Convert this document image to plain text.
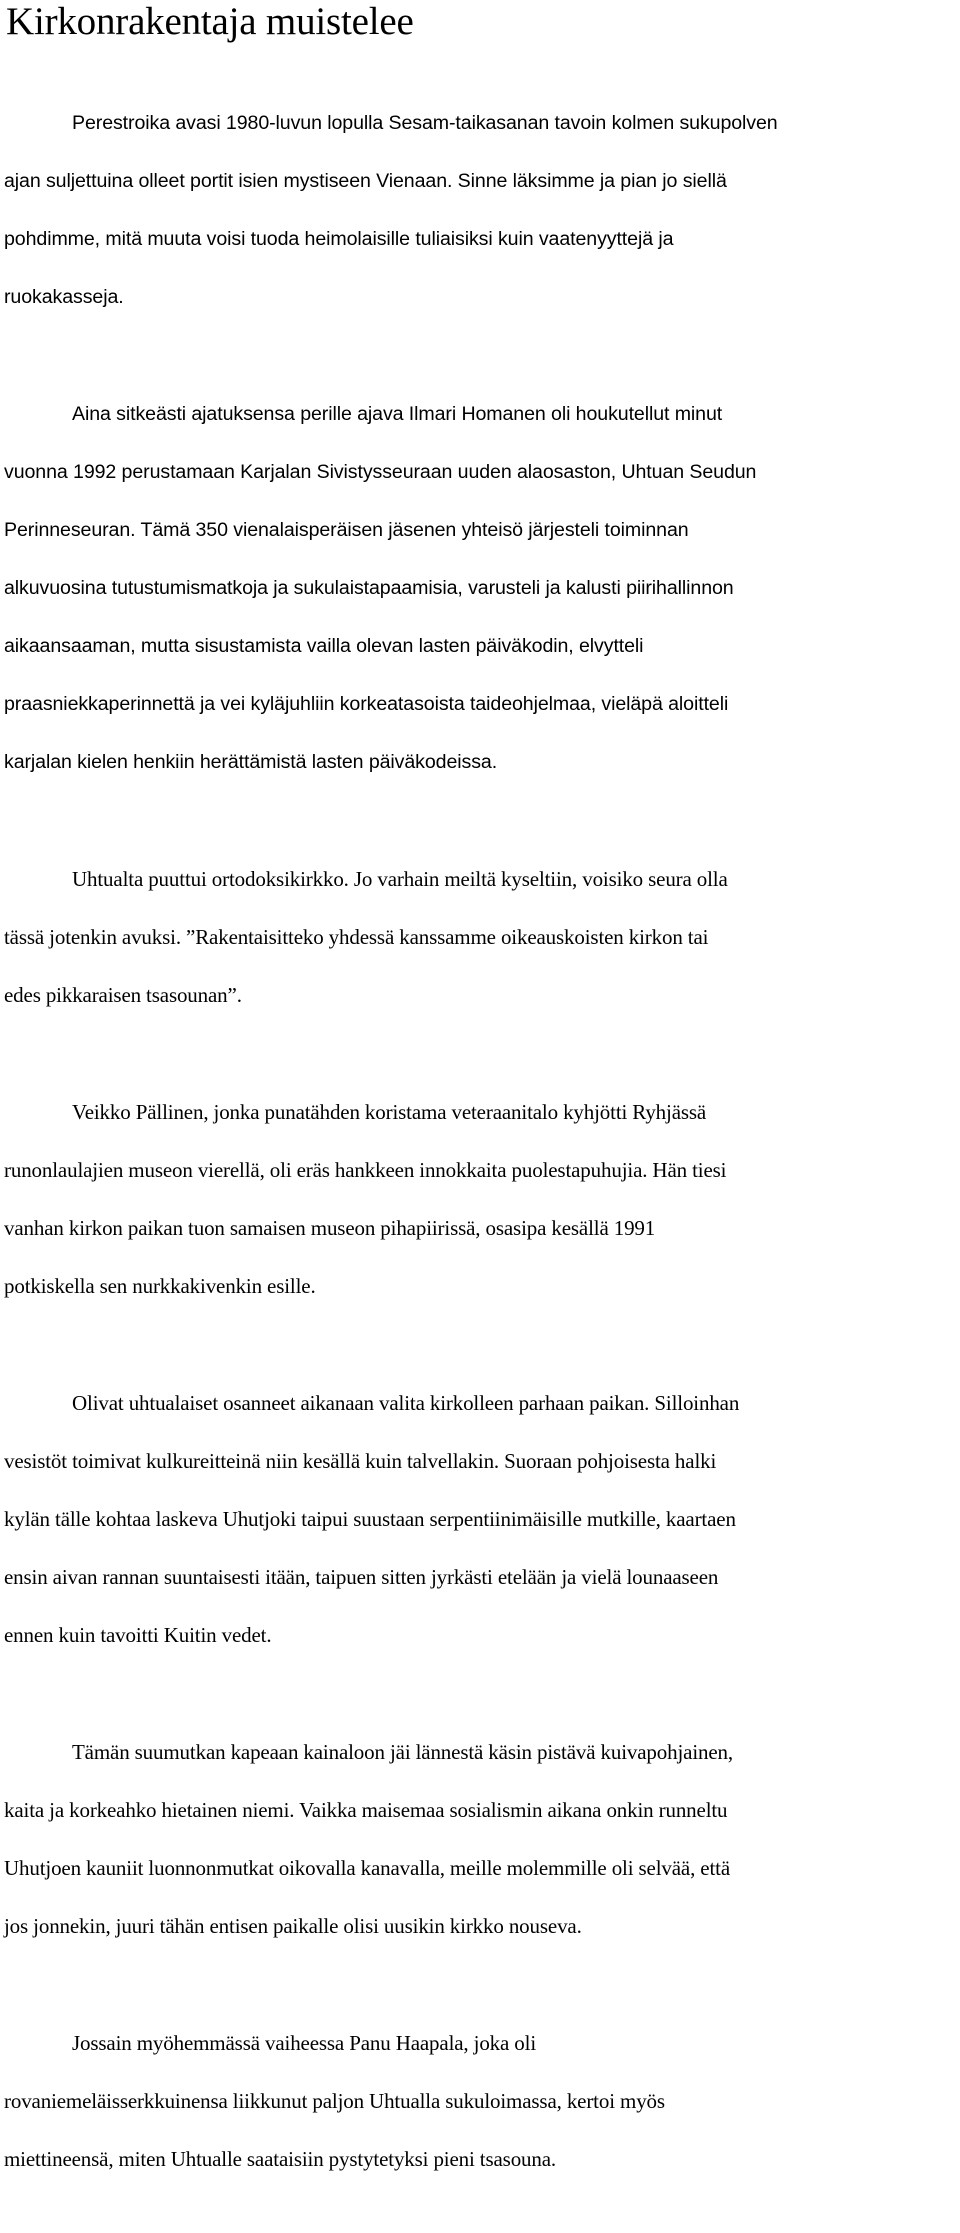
Kirkonrakentaja muistelee

Perestroika avasi 1980-luvun lopulla Sesam-taikasanan tavoin kolmen sukupolven

ajan suljettuina olleet portit isien mystiseen Vienaan. Sinne läksimme ja pian jo siellä

pohdimme, mitä muuta voisi tuoda heimolaisille tuliaisiksi kuin vaatenyyttejä ja

ruokakasseja.

Aina sitkeästi ajatuksensa perille ajava Ilmari Homanen oli houkutellut minut

vuonna 1992 perustamaan Karjalan Sivistysseuraan uuden alaosaston, Uhtuan Seudun

Perinneseuran. Tämä 350 vienalaisperäisen jäsenen yhteisö järjesteli toiminnan

alkuvuosina tutustumismatkoja ja sukulaistapaamisia, varusteli ja kalusti piirihallinnon

aikaansaaman, mutta sisustamista vailla olevan lasten päiväkodin, elvytteli

praasniekkaperinnettä ja vei kyläjuhliin korkeatasoista taideohjelmaa, vieläpä aloitteli

karjalan kielen henkiin herättämistä lasten päiväkodeissa.

Uhtualta puuttui ortodoksikirkko. Jo varhain meiltä kyseltiin, voisiko seura olla

tässä jotenkin avuksi. ”Rakentaisitteko yhdessä kanssamme oikeauskoisten kirkon tai

edes pikkaraisen tsasounan”.

Veikko Pällinen, jonka punatähden koristama veteraanitalo kyhjötti Ryhjässä

runonlaulajien museon vierellä, oli eräs hankkeen innokkaita puolestapuhujia. Hän tiesi

vanhan kirkon paikan tuon samaisen museon pihapiirissä, osasipa kesällä 1991

potkiskella sen nurkkakivenkin esille.

Olivat uhtualaiset osanneet aikanaan valita kirkolleen parhaan paikan. Silloinhan

vesistöt toimivat kulkureitteinä niin kesällä kuin talvellakin. Suoraan pohjoisesta halki

kylän tälle kohtaa laskeva Uhutjoki taipui suustaan serpentiinimäisille mutkille, kaartaen

ensin aivan rannan suuntaisesti itään, taipuen sitten jyrkästi etelään ja vielä lounaaseen

ennen kuin tavoitti Kuitin vedet.

Tämän suumutkan kapeaan kainaloon jäi lännestä käsin pistävä kuivapohjainen,

kaita ja korkeahko hietainen niemi. Vaikka maisemaa sosialismin aikana onkin runneltu

Uhutjoen kauniit luonnonmutkat oikovalla kanavalla, meille molemmille oli selvää, että

jos jonnekin, juuri tähän entisen paikalle olisi uusikin kirkko nouseva.

Jossain myöhemmässä vaiheessa Panu Haapala, joka oli

rovaniemeläisserkkuinensa liikkunut paljon Uhtualla sukuloimassa, kertoi myös

miettineensä, miten Uhtualle saataisiin pystytetyksi pieni tsasouna.
